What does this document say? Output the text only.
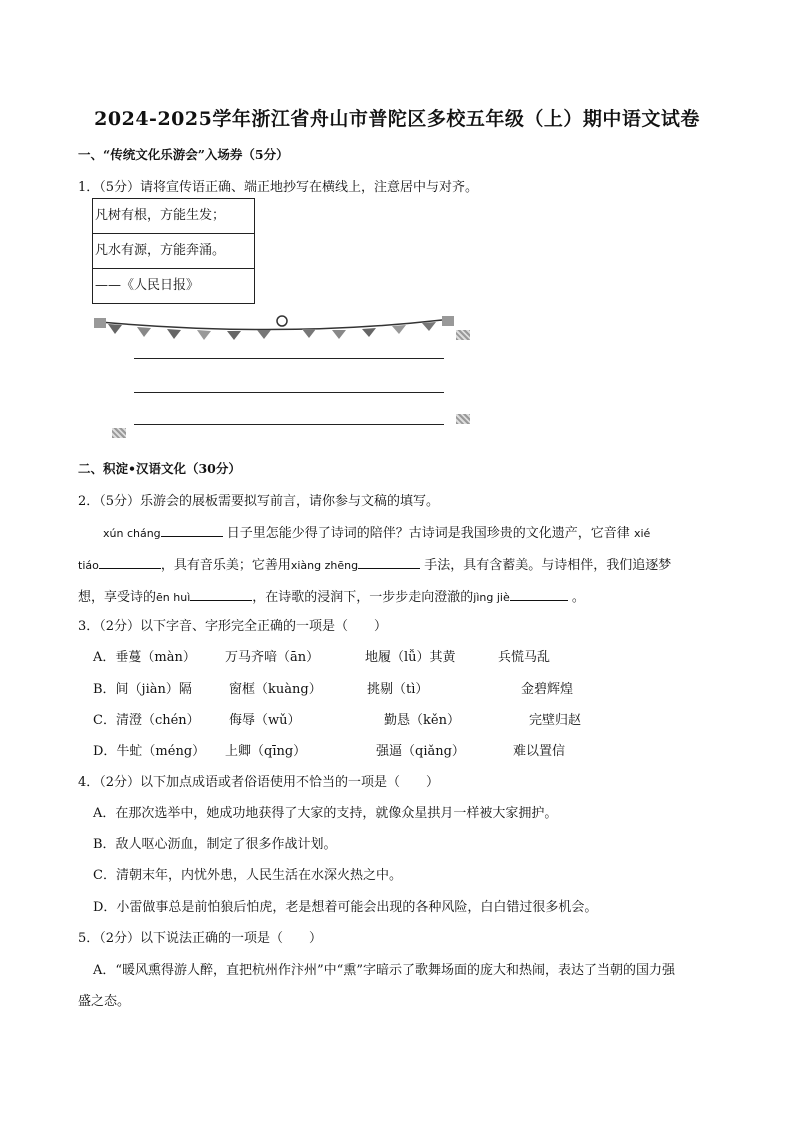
2024-2025学年浙江省舟山市普陀区多校五年级（上）期中语文试卷
一、“传统文化乐游会”入场券（5分）
1．（5分）请将宣传语正确、端正地抄写在横线上，注意居中与对齐。
凡树有根，方能生发；
凡水有源，方能奔涌。
——《人民日报》
二、积淀•汉语文化（30分）
2．（5分）乐游会的展板需要拟写前言，请你参与文稿的填写。
xún cháng	日子里怎能少得了诗词的陪伴？古诗词是我国珍贵的文化遗产，它音律 xié
tiáo	，具有音乐美；它善用xiàng zhēng	手法，具有含蓄美。与诗相伴，我们追逐梦
想，享受诗的ēn huì	，在诗歌的浸润下，一步步走向澄澈的jìng jiè	。
3．（2分）以下字音、字形完全正确的一项是（　　）
A．垂蔓（màn） 万马齐喑（ān）	地履（lǚ）其黄	兵慌马乱
B．间（jiàn）隔	窗框（kuàng）	挑剔（tì）	金碧辉煌
C．清澄（chén） 侮辱（wǔ）	勤恳（kěn）	完壁归赵
D．牛虻（méng） 上卿（qīng）	强逼（qiǎng）	难以置信
4．（2分）以下加点成语或者俗语使用不恰当的一项是（　　）
A．在那次选举中，她成功地获得了大家的支持，就像众星拱月一样被大家拥护。
B．敌人呕心沥血，制定了很多作战计划。
C．清朝末年，内忧外患，人民生活在水深火热之中。
D．小雷做事总是前怕狼后怕虎，老是想着可能会出现的各种风险，白白错过很多机会。
5．（2分）以下说法正确的一项是（　　）
A．“暖风熏得游人醉，直把杭州作汴州”中“熏”字暗示了歌舞场面的庞大和热闹，表达了当朝的国力强
盛之态。
